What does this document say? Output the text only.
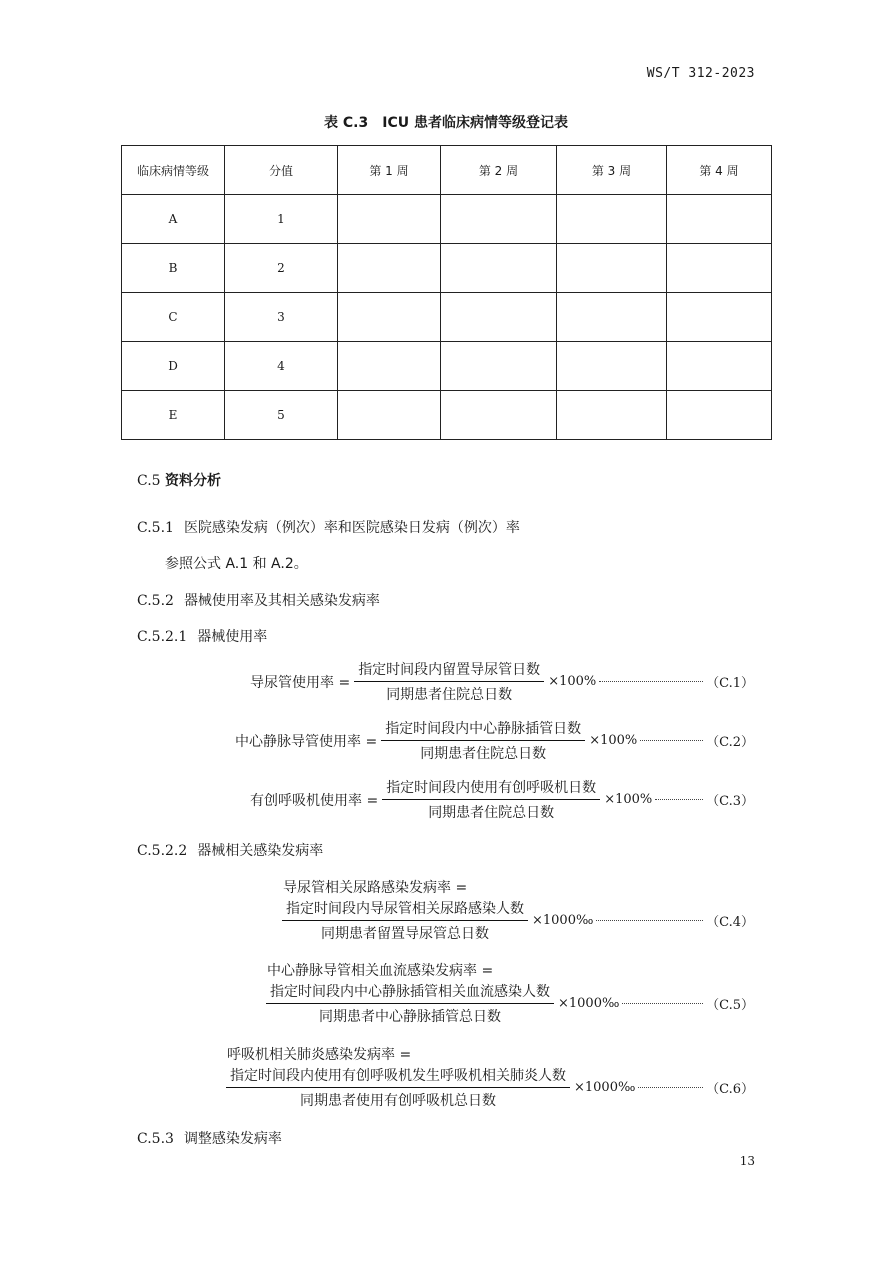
WS/T 312-2023
表 C.3　ICU 患者临床病情等级登记表
临床病情等级	分值	第 1 周	第 2 周	第 3 周	第 4 周
A	1				
B	2				
C	3				
D	4				
E	5				
C.5 资料分析
C.5.1 医院感染发病（例次）率和医院感染日发病（例次）率
参照公式 A.1 和 A.2。
C.5.2 器械使用率及其相关感染发病率
C.5.2.1 器械使用率
导尿管使用率 = $\frac{\text{指定时间段内留置导尿管日数}}{\text{同期患者住院总日数}} \times 100\%$	（C.1）
中心静脉导管使用率 = $\frac{\text{指定时间段内中心静脉插管日数}}{\text{同期患者住院总日数}} \times 100\%$	（C.2）
有创呼吸机使用率 = $\frac{\text{指定时间段内使用有创呼吸机日数}}{\text{同期患者住院总日数}} \times 100\%$	（C.3）
C.5.2.2 器械相关感染发病率
导尿管相关尿路感染发病率 =
$\frac{\text{指定时间段内导尿管相关尿路感染人数}}{\text{同期患者留置导尿管总日数}}$ ×1000‰	（C.4）
中心静脉导管相关血流感染发病率 =
$\frac{\text{指定时间段内中心静脉插管相关血流感染人数}}{\text{同期患者中心静脉插管总日数}}$ ×1000‰	（C.5）
呼吸机相关肺炎感染发病率 =
$\frac{\text{指定时间段内使用有创呼吸机发生呼吸机相关肺炎人数}}{\text{同期患者使用有创呼吸机总日数}}$ ×1000‰	（C.6）
C.5.3 调整感染发病率
13
